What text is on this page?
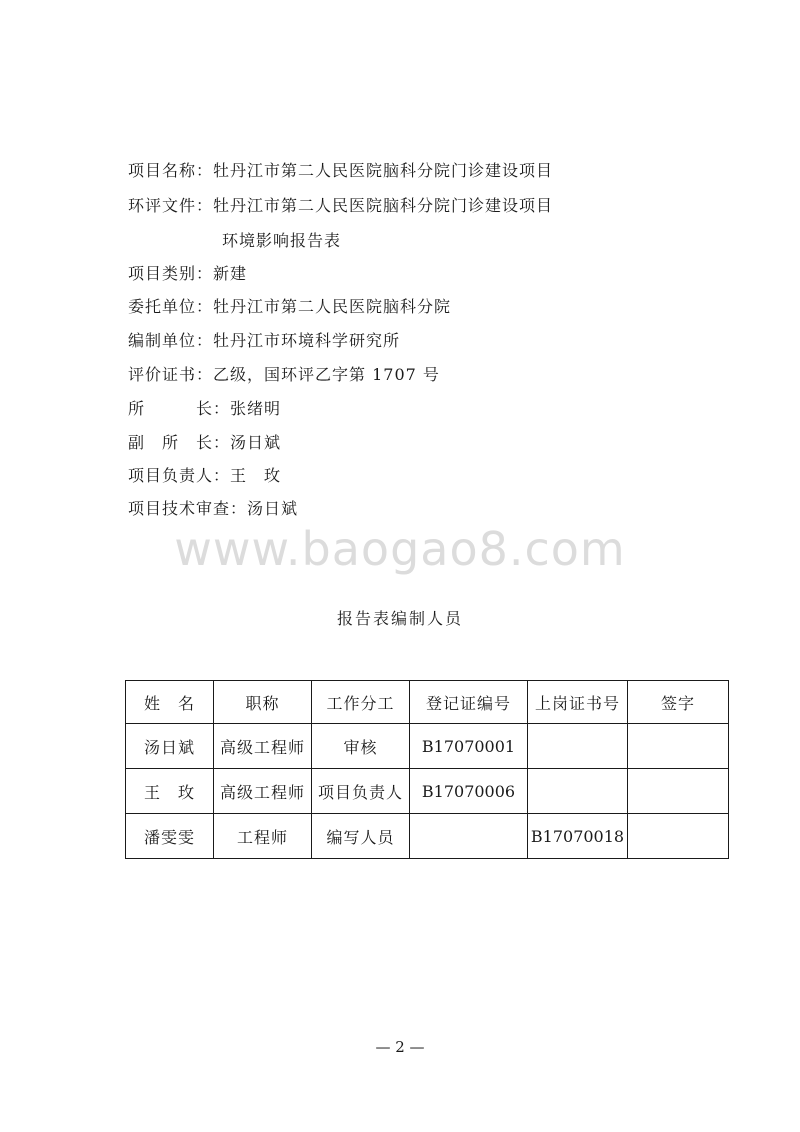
项目名称：牡丹江市第二人民医院脑科分院门诊建设项目
环评文件：牡丹江市第二人民医院脑科分院门诊建设项目
环境影响报告表
项目类别：新建
委托单位：牡丹江市第二人民医院脑科分院
编制单位：牡丹江市环境科学研究所
评价证书：乙级，国环评乙字第 1707 号
所　　　长：张绪明
副　所　长：汤日斌
项目负责人：王　玫
项目技术审查：汤日斌
www.baogao8.com
报告表编制人员
姓　名	职称	工作分工	登记证编号	上岗证书号	签字
汤日斌	高级工程师	审核	B17070001		
王　玫	高级工程师	项目负责人	B17070006		
潘雯雯	工程师	编写人员		B17070018	
— 2 —
